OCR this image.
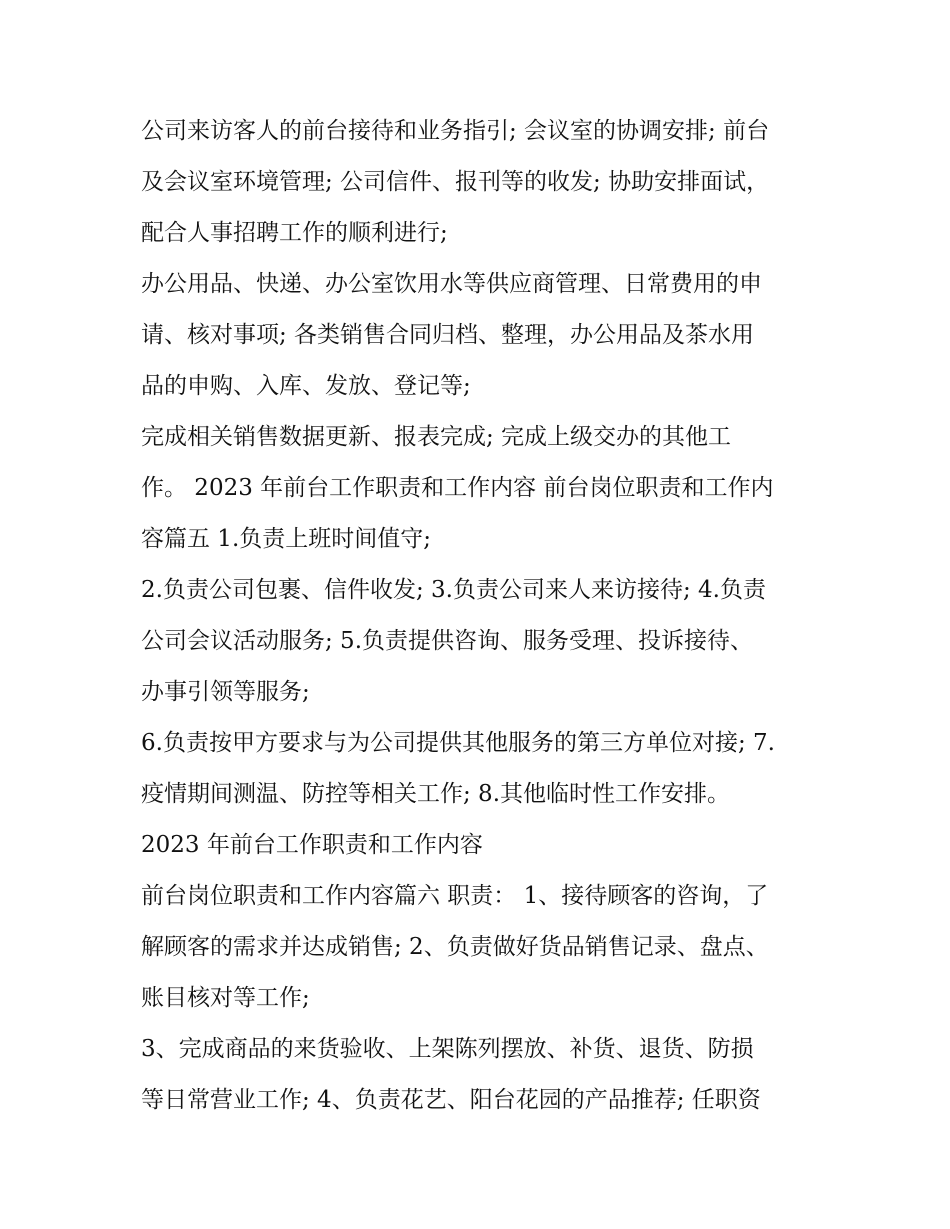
公司来访客人的前台接待和业务指引; 会议室的协调安排; 前台
及会议室环境管理; 公司信件、报刊等的收发; 协助安排面试，
配合人事招聘工作的顺利进行;
办公用品、快递、办公室饮用水等供应商管理、日常费用的申
请、核对事项; 各类销售合同归档、整理，办公用品及茶水用
品的申购、入库、发放、登记等;
完成相关销售数据更新、报表完成; 完成上级交办的其他工
作。 2023 年前台工作职责和工作内容 前台岗位职责和工作内
容篇五 1.负责上班时间值守;
2.负责公司包裹、信件收发; 3.负责公司来人来访接待; 4.负责
公司会议活动服务; 5.负责提供咨询、服务受理、投诉接待、
办事引领等服务;
6.负责按甲方要求与为公司提供其他服务的第三方单位对接; 7.
疫情期间测温、防控等相关工作; 8.其他临时性工作安排。
2023 年前台工作职责和工作内容
前台岗位职责和工作内容篇六 职责： 1、接待顾客的咨询，了
解顾客的需求并达成销售; 2、负责做好货品销售记录、盘点、
账目核对等工作;
3、完成商品的来货验收、上架陈列摆放、补货、退货、防损
等日常营业工作; 4、负责花艺、阳台花园的产品推荐; 任职资
